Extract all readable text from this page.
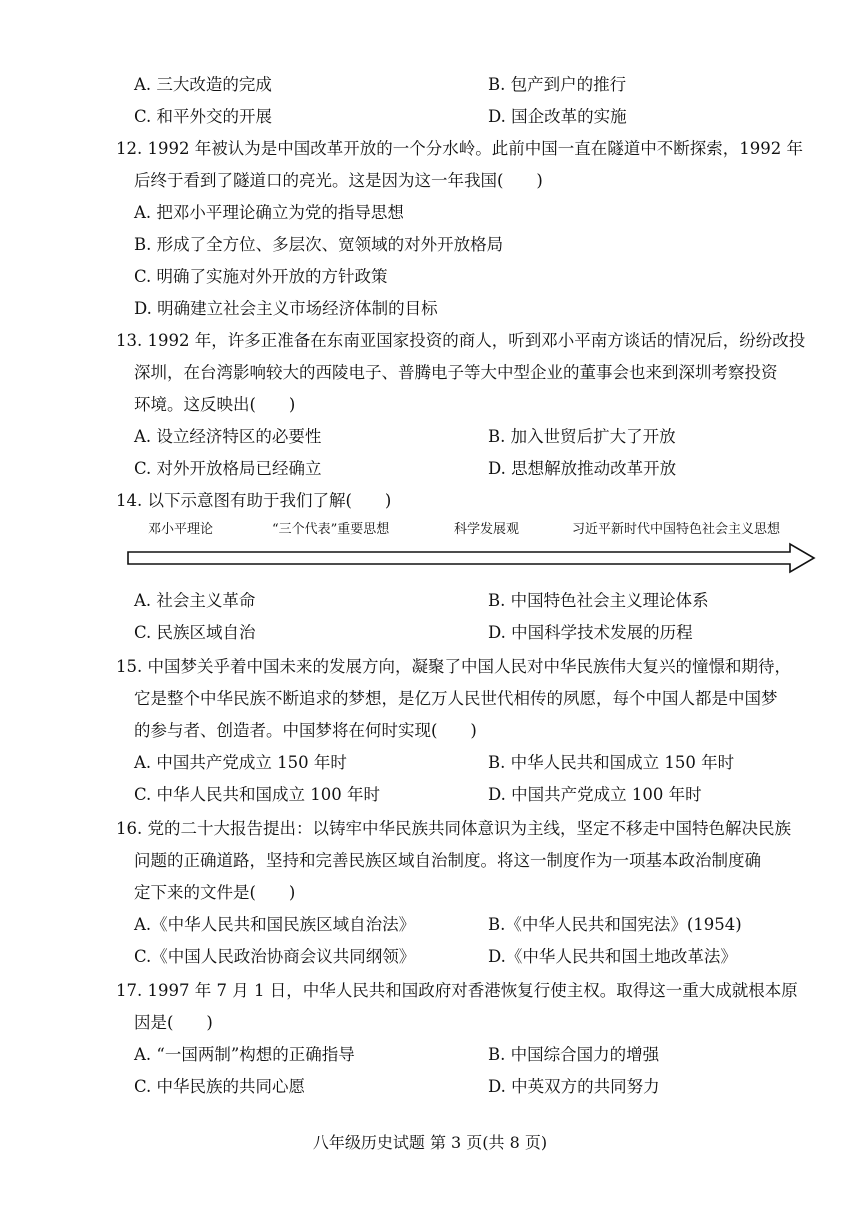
A. 三大改造的完成	B. 包产到户的推行
C. 和平外交的开展	D. 国企改革的实施
12. 1992 年被认为是中国改革开放的一个分水岭。此前中国一直在隧道中不断探索，1992 年
后终于看到了隧道口的亮光。这是因为这一年我国(　　)
A. 把邓小平理论确立为党的指导思想
B. 形成了全方位、多层次、宽领域的对外开放格局
C. 明确了实施对外开放的方针政策
D. 明确建立社会主义市场经济体制的目标
13. 1992 年，许多正准备在东南亚国家投资的商人，听到邓小平南方谈话的情况后，纷纷改投
深圳，在台湾影响较大的西陵电子、普腾电子等大中型企业的董事会也来到深圳考察投资
环境。这反映出(　　)
A. 设立经济特区的必要性	B. 加入世贸后扩大了开放
C. 对外开放格局已经确立	D. 思想解放推动改革开放
14. 以下示意图有助于我们了解(　　)
邓小平理论	“三个代表”重要思想	科学发展观	习近平新时代中国特色社会主义思想
A. 社会主义革命	B. 中国特色社会主义理论体系
C. 民族区域自治	D. 中国科学技术发展的历程
15. 中国梦关乎着中国未来的发展方向，凝聚了中国人民对中华民族伟大复兴的憧憬和期待，
它是整个中华民族不断追求的梦想，是亿万人民世代相传的夙愿，每个中国人都是中国梦
的参与者、创造者。中国梦将在何时实现(　　)
A. 中国共产党成立 150 年时	B. 中华人民共和国成立 150 年时
C. 中华人民共和国成立 100 年时	D. 中国共产党成立 100 年时
16. 党的二十大报告提出：以铸牢中华民族共同体意识为主线，坚定不移走中国特色解决民族
问题的正确道路，坚持和完善民族区域自治制度。将这一制度作为一项基本政治制度确
定下来的文件是(　　)
A.《中华人民共和国民族区域自治法》	B.《中华人民共和国宪法》(1954)
C.《中国人民政治协商会议共同纲领》	D.《中华人民共和国土地改革法》
17. 1997 年 7 月 1 日，中华人民共和国政府对香港恢复行使主权。取得这一重大成就根本原
因是(　　)
A. “一国两制”构想的正确指导	B. 中国综合国力的增强
C. 中华民族的共同心愿	D. 中英双方的共同努力
八年级历史试题 第 3 页(共 8 页)
